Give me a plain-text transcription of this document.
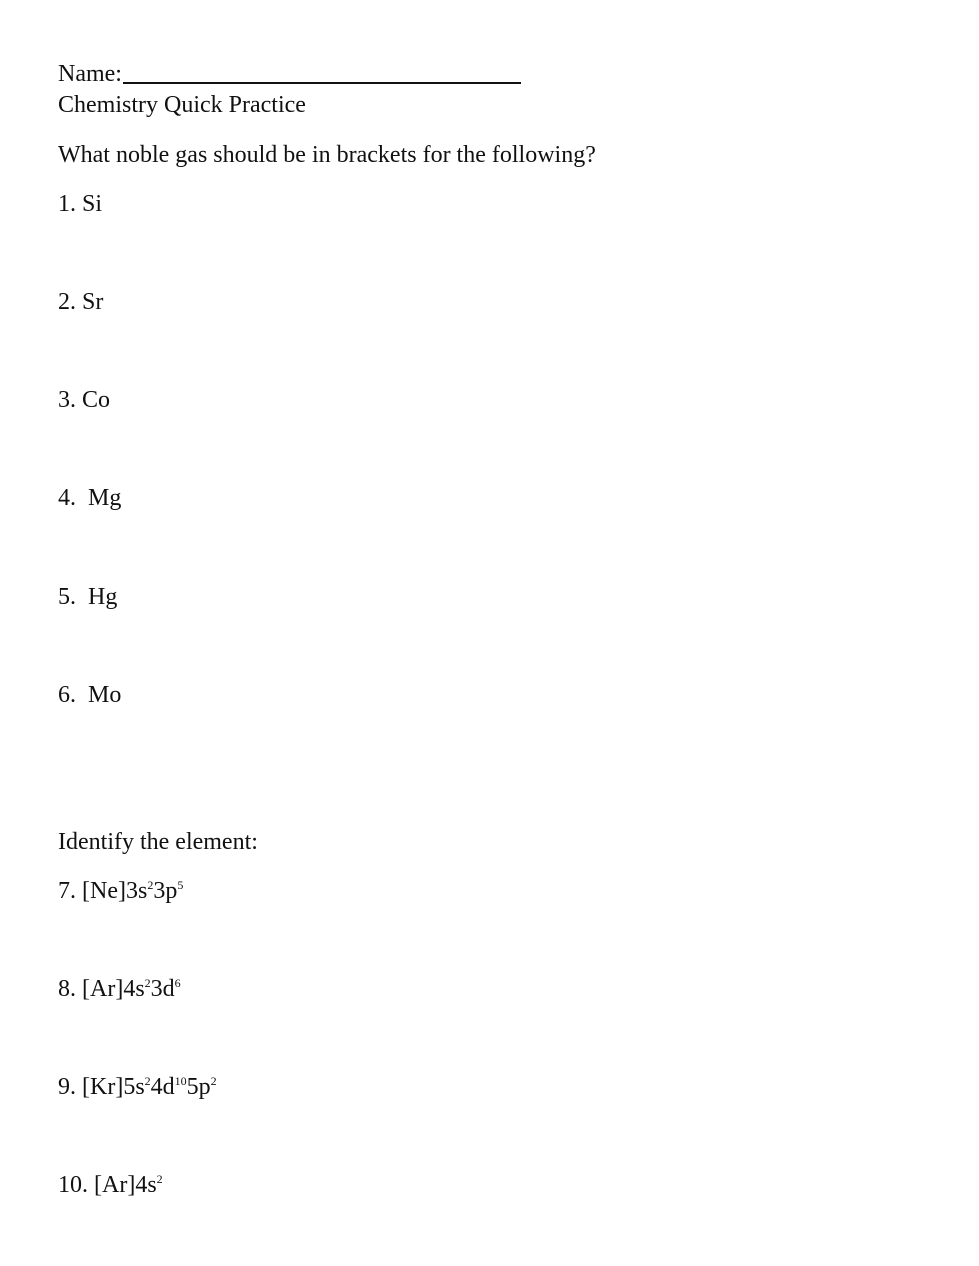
Name:
Chemistry Quick Practice
What noble gas should be in brackets for the following?
1. Si
2. Sr
3. Co
4. Mg
5. Hg
6. Mo
Identify the element:
7. $[Ne]3s^23p^5$
8. $[Ar]4s^23d^6$
9. $[Kr]5s^24d^{10}5p^2$
10. $[Ar]4s^2$
